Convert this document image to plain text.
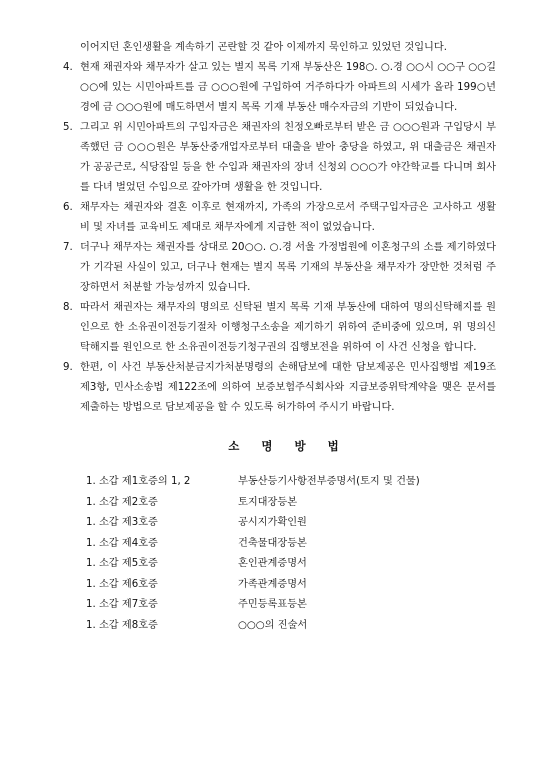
이어지던 혼인생활을 계속하기 곤란할 것 같아 이제까지 묵인하고 있었던 것입니다.

4. 현재 채권자와 채무자가 살고 있는 별지 목록 기재 부동산은 198○. ○.경 ○○시 ○○구 ○○길 ○○에 있는 시민아파트를 금 ○○○원에 구입하여 거주하다가 아파트의 시세가 올라 199○년경에 금 ○○○원에 매도하면서 별지 목록 기재 부동산 매수자금의 기반이 되었습니다.

5. 그리고 위 시민아파트의 구입자금은 채권자의 친정오빠로부터 받은 금 ○○○원과 구입당시 부족했던 금 ○○○원은 부동산중개업자로부터 대출을 받아 충당을 하였고, 위 대출금은 채권자가 공공근로, 식당잡일 등을 한 수입과 채권자의 장녀 신청외 ○○○가 야간학교를 다니며 회사를 다녀 벌었던 수입으로 갚아가며 생활을 한 것입니다.

6. 채무자는 채권자와 결혼 이후로 현재까지, 가족의 가장으로서 주택구입자금은 고사하고 생활비 및 자녀를 교육비도 제대로 채무자에게 지급한 적이 없었습니다.

7. 더구나 채무자는 채권자를 상대로 20○○. ○.경 서울 가정법원에 이혼청구의 소를 제기하였다가 기각된 사실이 있고, 더구나 현재는 별지 목록 기재의 부동산을 채무자가 장만한 것처럼 주장하면서 처분할 가능성까지 있습니다.

8. 따라서 채권자는 채무자의 명의로 신탁된 별지 목록 기재 부동산에 대하여 명의신탁해지를 원인으로 한 소유권이전등기절차 이행청구소송을 제기하기 위하여 준비중에 있으며, 위 명의신탁해지를 원인으로 한 소유권이전등기청구권의 집행보전을 위하여 이 사건 신청을 합니다.

9. 한편, 이 사건 부동산처분금지가처분명령의 손해담보에 대한 담보제공은 민사집행법 제19조 제3항, 민사소송법 제122조에 의하여 보증보험주식회사와 지급보증위탁계약을 맺은 문서를 제출하는 방법으로 담보제공을 할 수 있도록 허가하여 주시기 바랍니다.

소 명 방 법
1. 소갑 제1호증의 1, 2	부동산등기사항전부증명서(토지 및 건물)
1. 소갑 제2호증	토지대장등본
1. 소갑 제3호증	공시지가확인원
1. 소갑 제4호증	건축물대장등본
1. 소갑 제5호증	혼인관계증명서
1. 소갑 제6호증	가족관계증명서
1. 소갑 제7호증	주민등록표등본
1. 소갑 제8호증	○○○의 진술서
